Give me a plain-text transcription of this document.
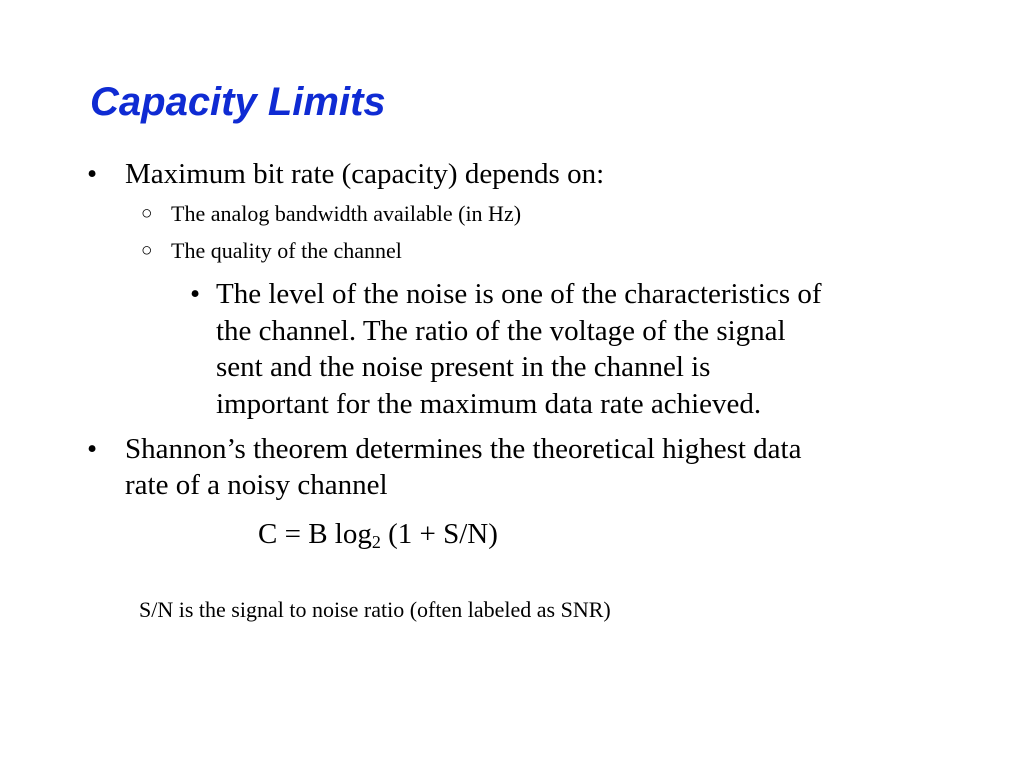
Capacity Limits
• Maximum bit rate (capacity) depends on:
○ The analog bandwidth available (in Hz)
○ The quality of the channel
• The level of the noise is one of the characteristics of
the channel. The ratio of the voltage of the signal
sent and the noise present in the channel is
important for the maximum data rate achieved.
• Shannon’s theorem determines the theoretical highest data
rate of a noisy channel
C = B $\log_2 (1 + S/N)$
S/N is the signal to noise ratio (often labeled as SNR)
